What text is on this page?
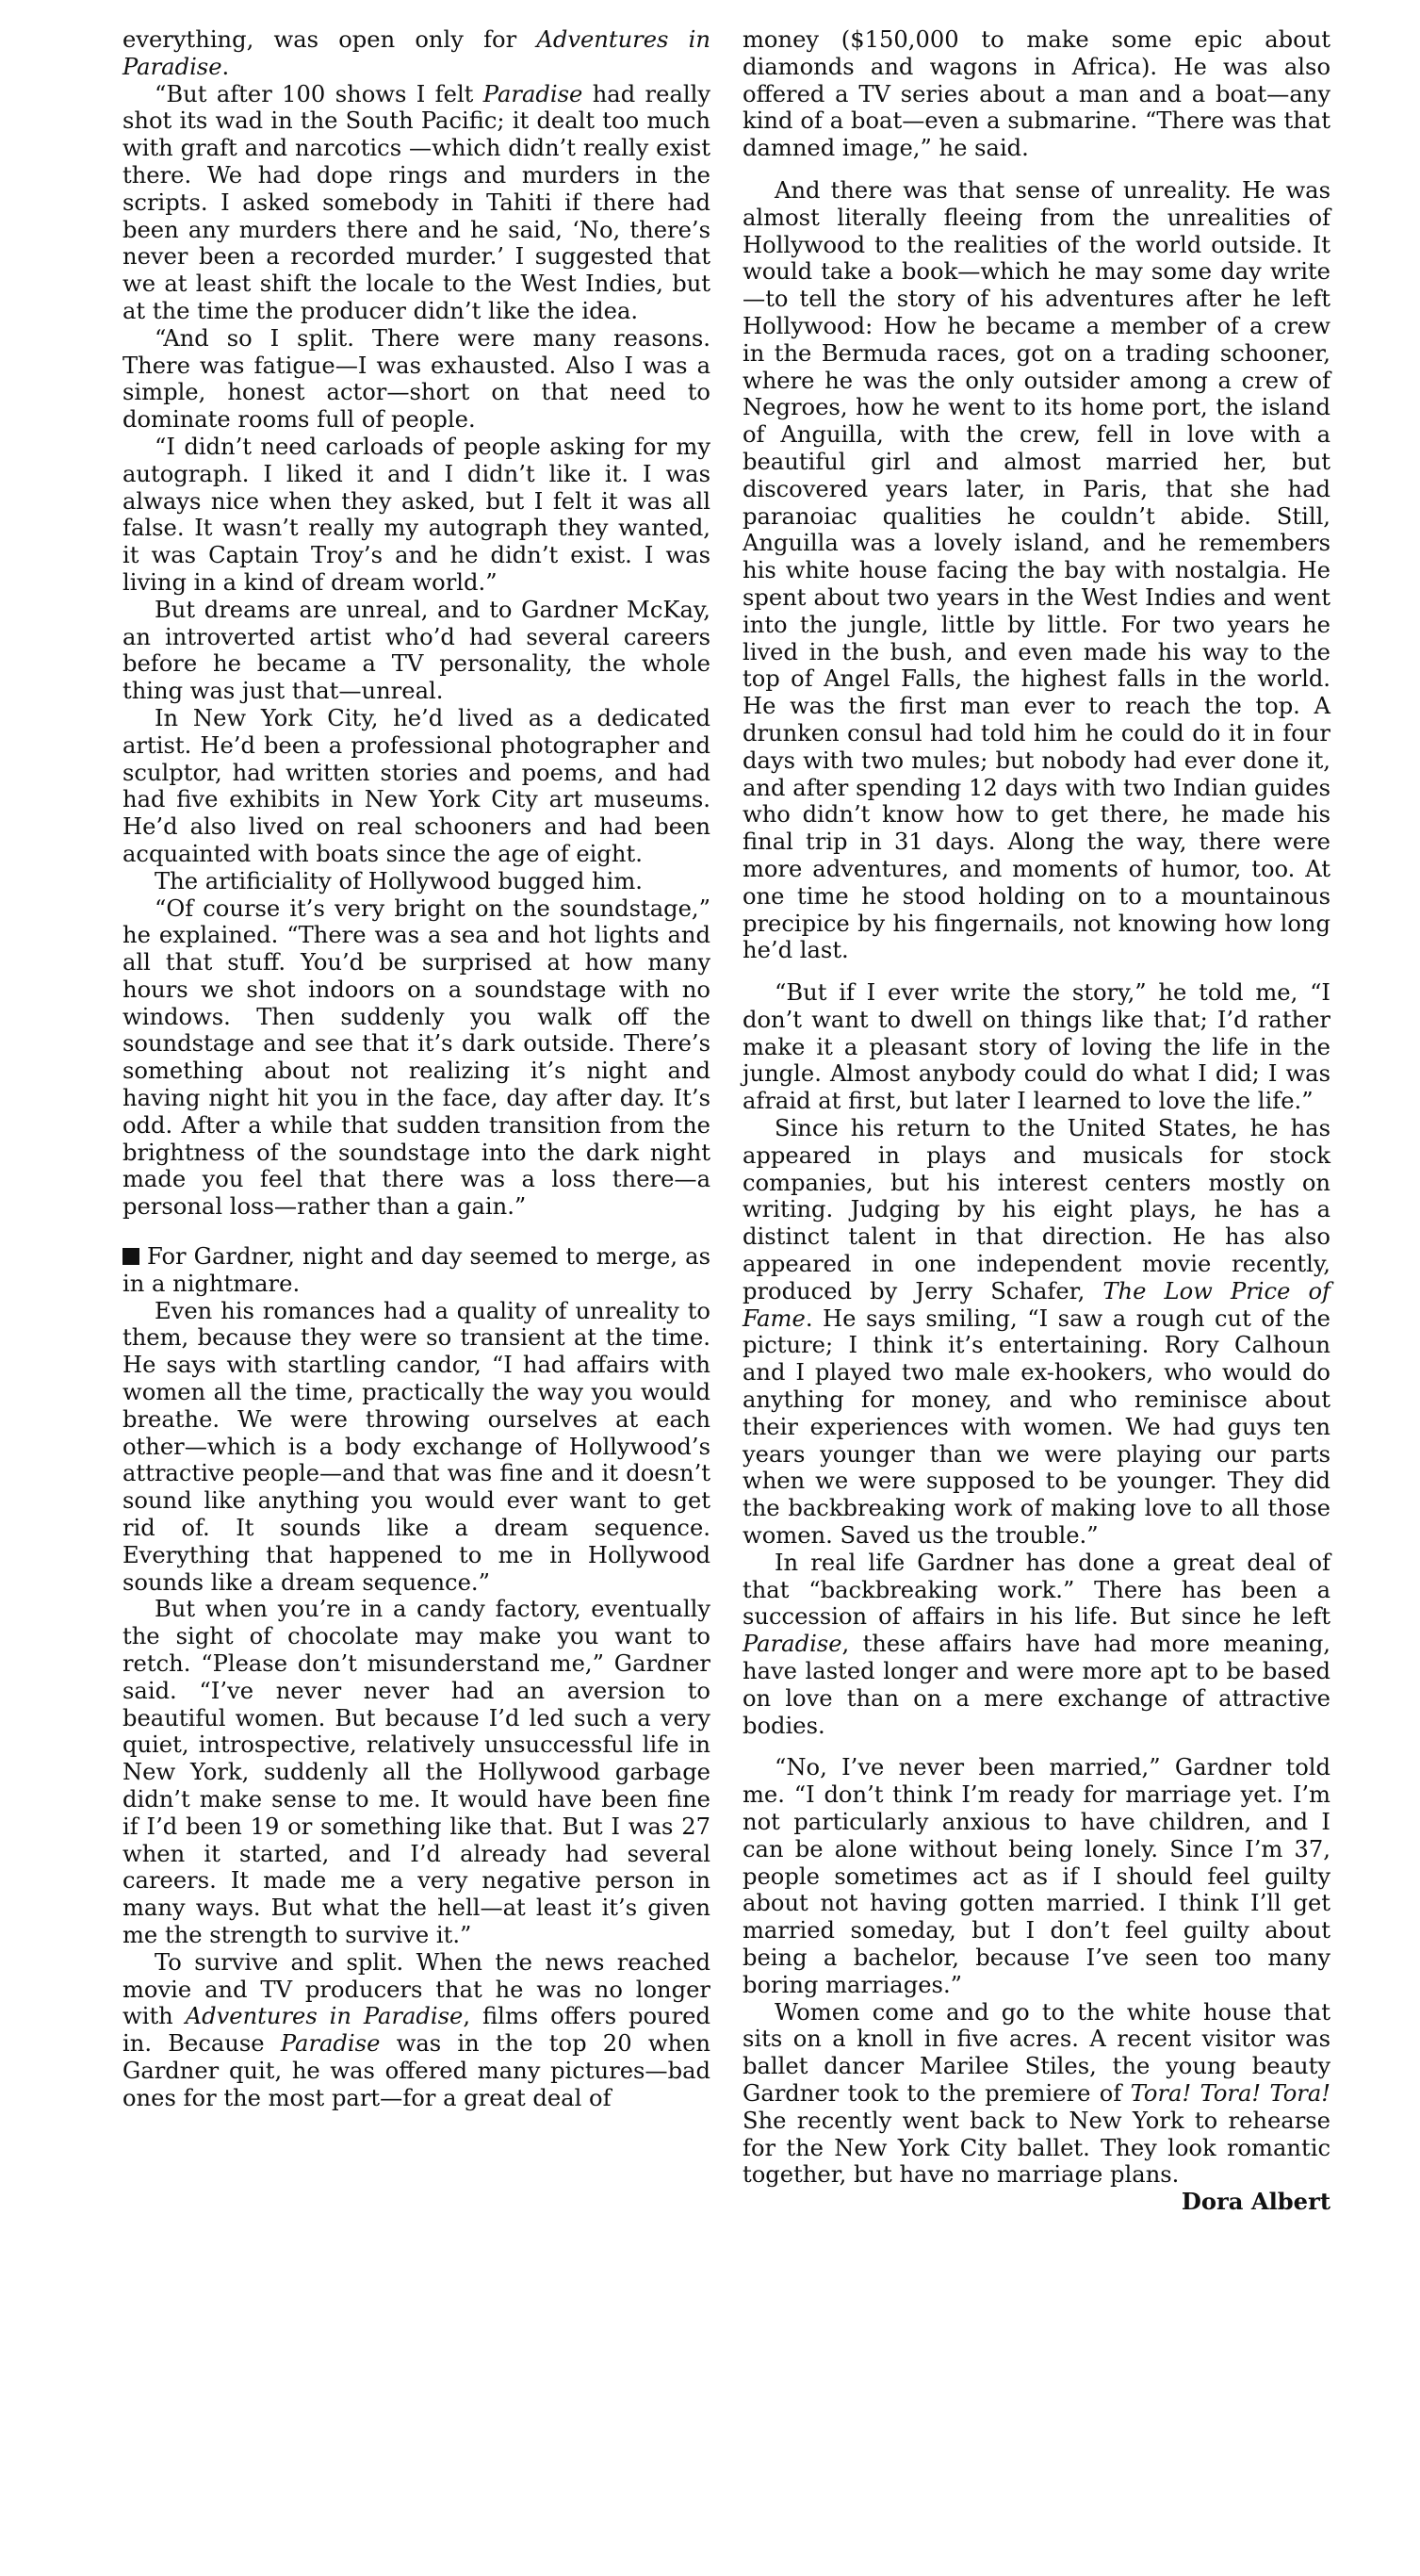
everything, was open only for Adventures in Paradise.

“But after 100 shows I felt Paradise had really shot its wad in the South Pacific; it dealt too much with graft and narcotics —which didn’t really exist there. We had dope rings and murders in the scripts. I asked somebody in Tahiti if there had been any murders there and he said, ‘No, there’s never been a recorded murder.’ I suggested that we at least shift the locale to the West Indies, but at the time the producer didn’t like the idea.

“And so I split. There were many reasons. There was fatigue—I was exhausted. Also I was a simple, honest actor—short on that need to dominate rooms full of people.

“I didn’t need carloads of people asking for my autograph. I liked it and I didn’t like it. I was always nice when they asked, but I felt it was all false. It wasn’t really my autograph they wanted, it was Captain Troy’s and he didn’t exist. I was living in a kind of dream world.”

But dreams are unreal, and to Gardner McKay, an introverted artist who’d had several careers before he became a TV personality, the whole thing was just that—unreal.

In New York City, he’d lived as a dedicated artist. He’d been a professional photographer and sculptor, had written stories and poems, and had had five exhibits in New York City art museums. He’d also lived on real schooners and had been acquainted with boats since the age of eight.

The artificiality of Hollywood bugged him.

“Of course it’s very bright on the soundstage,” he explained. “There was a sea and hot lights and all that stuff. You’d be surprised at how many hours we shot indoors on a soundstage with no windows. Then suddenly you walk off the soundstage and see that it’s dark outside. There’s something about not realizing it’s night and having night hit you in the face, day after day. It’s odd. After a while that sudden transition from the brightness of the soundstage into the dark night made you feel that there was a loss there—a personal loss—rather than a gain.”

For Gardner, night and day seemed to merge, as in a nightmare.

Even his romances had a quality of unreality to them, because they were so transient at the time. He says with startling candor, “I had affairs with women all the time, practically the way you would breathe. We were throwing ourselves at each other—which is a body exchange of Hollywood’s attractive people—and that was fine and it doesn’t sound like anything you would ever want to get rid of. It sounds like a dream sequence. Everything that happened to me in Hollywood sounds like a dream sequence.”

But when you’re in a candy factory, eventually the sight of chocolate may make you want to retch. “Please don’t misunderstand me,” Gardner said. “I’ve never never had an aversion to beautiful women. But because I’d led such a very quiet, introspective, relatively unsuccessful life in New York, suddenly all the Hollywood garbage didn’t make sense to me. It would have been fine if I’d been 19 or something like that. But I was 27 when it started, and I’d already had several careers. It made me a very negative person in many ways. But what the hell—at least it’s given me the strength to survive it.”

To survive and split. When the news reached movie and TV producers that he was no longer with Adventures in Paradise, films offers poured in. Because Paradise was in the top 20 when Gardner quit, he was offered many pictures—bad ones for the most part—for a great deal of

money ($150,000 to make some epic about diamonds and wagons in Africa). He was also offered a TV series about a man and a boat—any kind of a boat—even a submarine. “There was that damned image,” he said.

And there was that sense of unreality. He was almost literally fleeing from the unrealities of Hollywood to the realities of the world outside. It would take a book—which he may some day write—to tell the story of his adventures after he left Hollywood: How he became a member of a crew in the Bermuda races, got on a trading schooner, where he was the only outsider among a crew of Negroes, how he went to its home port, the island of Anguilla, with the crew, fell in love with a beautiful girl and almost married her, but discovered years later, in Paris, that she had paranoiac qualities he couldn’t abide. Still, Anguilla was a lovely island, and he remembers his white house facing the bay with nostalgia. He spent about two years in the West Indies and went into the jungle, little by little. For two years he lived in the bush, and even made his way to the top of Angel Falls, the highest falls in the world. He was the first man ever to reach the top. A drunken consul had told him he could do it in four days with two mules; but nobody had ever done it, and after spending 12 days with two Indian guides who didn’t know how to get there, he made his final trip in 31 days. Along the way, there were more adventures, and moments of humor, too. At one time he stood holding on to a mountainous precipice by his fingernails, not knowing how long he’d last.

“But if I ever write the story,” he told me, “I don’t want to dwell on things like that; I’d rather make it a pleasant story of loving the life in the jungle. Almost anybody could do what I did; I was afraid at first, but later I learned to love the life.”

Since his return to the United States, he has appeared in plays and musicals for stock companies, but his interest centers mostly on writing. Judging by his eight plays, he has a distinct talent in that direction. He has also appeared in one independent movie recently, produced by Jerry Schafer, The Low Price of Fame. He says smiling, “I saw a rough cut of the picture; I think it’s entertaining. Rory Calhoun and I played two male ex-hookers, who would do anything for money, and who reminisce about their experiences with women. We had guys ten years younger than we were playing our parts when we were supposed to be younger. They did the backbreaking work of making love to all those women. Saved us the trouble.”

In real life Gardner has done a great deal of that “backbreaking work.” There has been a succession of affairs in his life. But since he left Paradise, these affairs have had more meaning, have lasted longer and were more apt to be based on love than on a mere exchange of attractive bodies.

“No, I’ve never been married,” Gardner told me. “I don’t think I’m ready for marriage yet. I’m not particularly anxious to have children, and I can be alone without being lonely. Since I’m 37, people sometimes act as if I should feel guilty about not having gotten married. I think I’ll get married someday, but I don’t feel guilty about being a bachelor, because I’ve seen too many boring marriages.”

Women come and go to the white house that sits on a knoll in five acres. A recent visitor was ballet dancer Marilee Stiles, the young beauty Gardner took to the premiere of Tora! Tora! Tora! She recently went back to New York to rehearse for the New York City ballet. They look romantic together, but have no marriage plans.

Dora Albert
